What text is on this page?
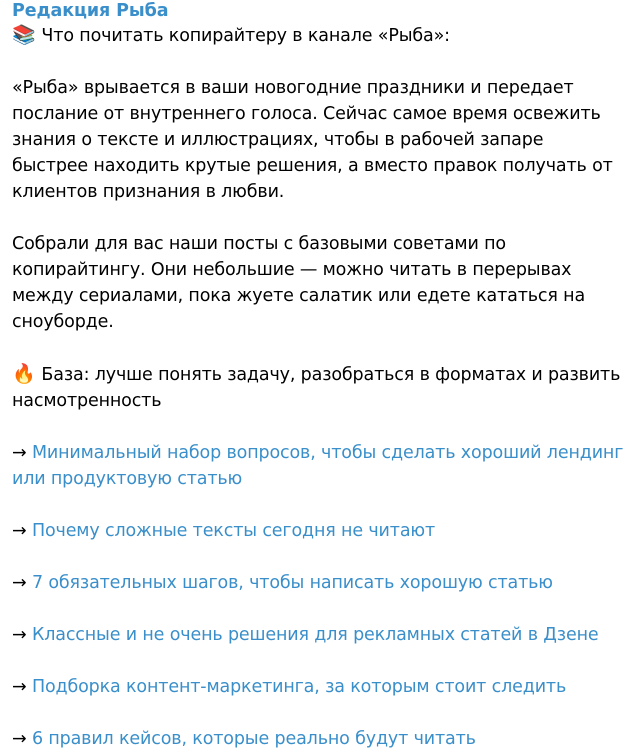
Редакция Рыба

📚 Что почитать копирайтеру в канале «Рыба»:

«Рыба» врывается в ваши новогодние праздники и передает послание от внутреннего голоса. Сейчас самое время освежить знания о тексте и иллюстрациях, чтобы в рабочей запаре быстрее находить крутые решения, а вместо правок получать от клиентов признания в любви.

Собрали для вас наши посты с базовыми советами по копирайтингу. Они небольшие — можно читать в перерывах между сериалами, пока жуете салатик или едете кататься на сноуборде.

🔥 База: лучше понять задачу, разобраться в форматах и развить насмотренность

→ Минимальный набор вопросов, чтобы сделать хороший лендинг или продуктовую статью

→ Почему сложные тексты сегодня не читают

→ 7 обязательных шагов, чтобы написать хорошую статью

→ Классные и не очень решения для рекламных статей в Дзене

→ Подборка контент-маркетинга, за которым стоит следить

→ 6 правил кейсов, которые реально будут читать
